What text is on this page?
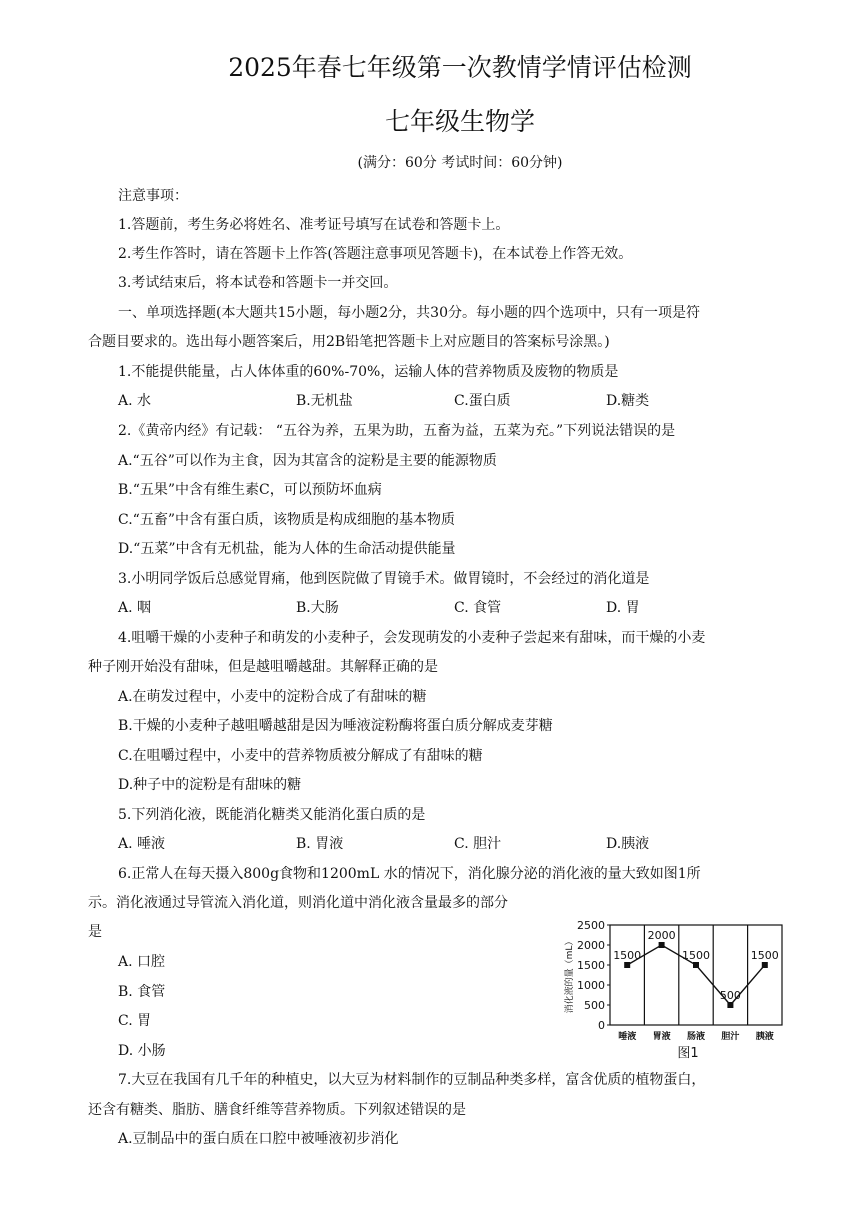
2025年春七年级第一次教情学情评估检测
七年级生物学
(满分：60分 考试时间：60分钟)
注意事项：
1.答题前，考生务必将姓名、准考证号填写在试卷和答题卡上。
2.考生作答时，请在答题卡上作答(答题注意事项见答题卡)，在本试卷上作答无效。
3.考试结束后，将本试卷和答题卡一并交回。
一、单项选择题(本大题共15小题，每小题2分，共30分。每小题的四个选项中，只有一项是符
合题目要求的。选出每小题答案后，用2B铅笔把答题卡上对应题目的答案标号涂黑。)
1.不能提供能量，占人体体重的60%-70%，运输人体的营养物质及废物的物质是
A. 水	B.无机盐	C.蛋白质	D.糖类
2.《黄帝内经》有记载： “五谷为养，五果为助，五畜为益，五菜为充。”下列说法错误的是
A.“五谷”可以作为主食，因为其富含的淀粉是主要的能源物质
B.“五果”中含有维生素C，可以预防坏血病
C.“五畜”中含有蛋白质，该物质是构成细胞的基本物质
D.“五菜”中含有无机盐，能为人体的生命活动提供能量
3.小明同学饭后总感觉胃痛，他到医院做了胃镜手术。做胃镜时，不会经过的消化道是
A. 咽	B.大肠	C. 食管	D. 胃
4.咀嚼干燥的小麦种子和萌发的小麦种子，会发现萌发的小麦种子尝起来有甜味，而干燥的小麦
种子刚开始没有甜味，但是越咀嚼越甜。其解释正确的是
A.在萌发过程中，小麦中的淀粉合成了有甜味的糖
B.干燥的小麦种子越咀嚼越甜是因为唾液淀粉酶将蛋白质分解成麦芽糖
C.在咀嚼过程中，小麦中的营养物质被分解成了有甜味的糖
D.种子中的淀粉是有甜味的糖
5.下列消化液，既能消化糖类又能消化蛋白质的是
A. 唾液	B. 胃液	C. 胆汁	D.胰液
6.正常人在每天摄入800g食物和1200mL 水的情况下，消化腺分泌的消化液的量大致如图1所
示。消化液通过导管流入消化道，则消化道中消化液含量最多的部分
是
A. 口腔
B. 食管
C. 胃
D. 小肠
0
500
1000
1500
2000
2500
消化液的量（mL）
唾液 胃液 肠液 胆汁 胰液
1500
2000
1500
500
1500
图1
7.大豆在我国有几千年的种植史，以大豆为材料制作的豆制品种类多样，富含优质的植物蛋白，
还含有糖类、脂肪、膳食纤维等营养物质。下列叙述错误的是
A.豆制品中的蛋白质在口腔中被唾液初步消化
